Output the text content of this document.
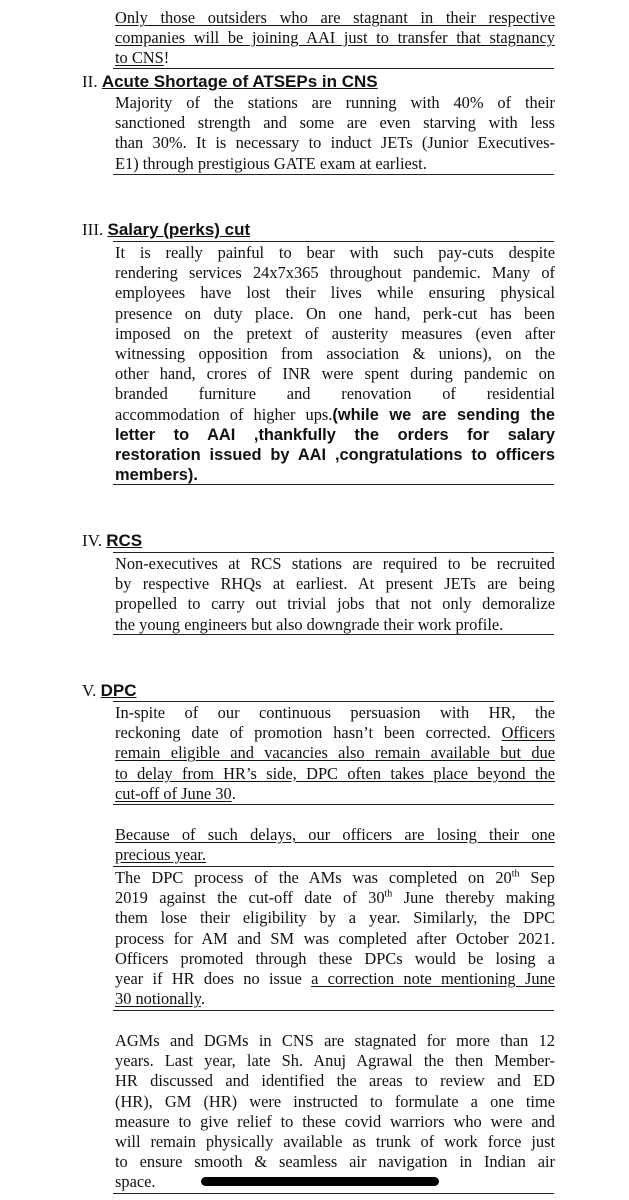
Only those outsiders who are stagnant in their respective
companies will be joining AAI just to transfer that stagnancy
to CNS!
II. Acute Shortage of ATSEPs in CNS
Majority of the stations are running with 40% of their
sanctioned strength and some are even starving with less
than 30%. It is necessary to induct JETs (Junior Executives-
E1) through prestigious GATE exam at earliest.
III. Salary (perks) cut
It is really painful to bear with such pay-cuts despite
rendering services 24x7x365 throughout pandemic. Many of
employees have lost their lives while ensuring physical
presence on duty place. On one hand, perk-cut has been
imposed on the pretext of austerity measures (even after
witnessing opposition from association & unions), on the
other hand, crores of INR were spent during pandemic on
branded furniture and renovation of residential
accommodation of higher ups.(while we are sending the
letter to AAI ,thankfully the orders for salary
restoration issued by AAI ,congratulations to officers
members).
IV. RCS
Non-executives at RCS stations are required to be recruited
by respective RHQs at earliest. At present JETs are being
propelled to carry out trivial jobs that not only demoralize
the young engineers but also downgrade their work profile.
V. DPC
In-spite of our continuous persuasion with HR, the
reckoning date of promotion hasn’t been corrected. Officers
remain eligible and vacancies also remain available but due
to delay from HR’s side, DPC often takes place beyond the
cut-off of June 30.
Because of such delays, our officers are losing their one
precious year.
The DPC process of the AMs was completed on 20th Sep
2019 against the cut-off date of 30th June thereby making
them lose their eligibility by a year. Similarly, the DPC
process for AM and SM was completed after October 2021.
Officers promoted through these DPCs would be losing a
year if HR does no issue a correction note mentioning June
30 notionally.
AGMs and DGMs in CNS are stagnated for more than 12
years. Last year, late Sh. Anuj Agrawal the then Member-
HR discussed and identified the areas to review and ED
(HR), GM (HR) were instructed to formulate a one time
measure to give relief to these covid warriors who were and
will remain physically available as trunk of work force just
to ensure smooth & seamless air navigation in Indian air
space.
